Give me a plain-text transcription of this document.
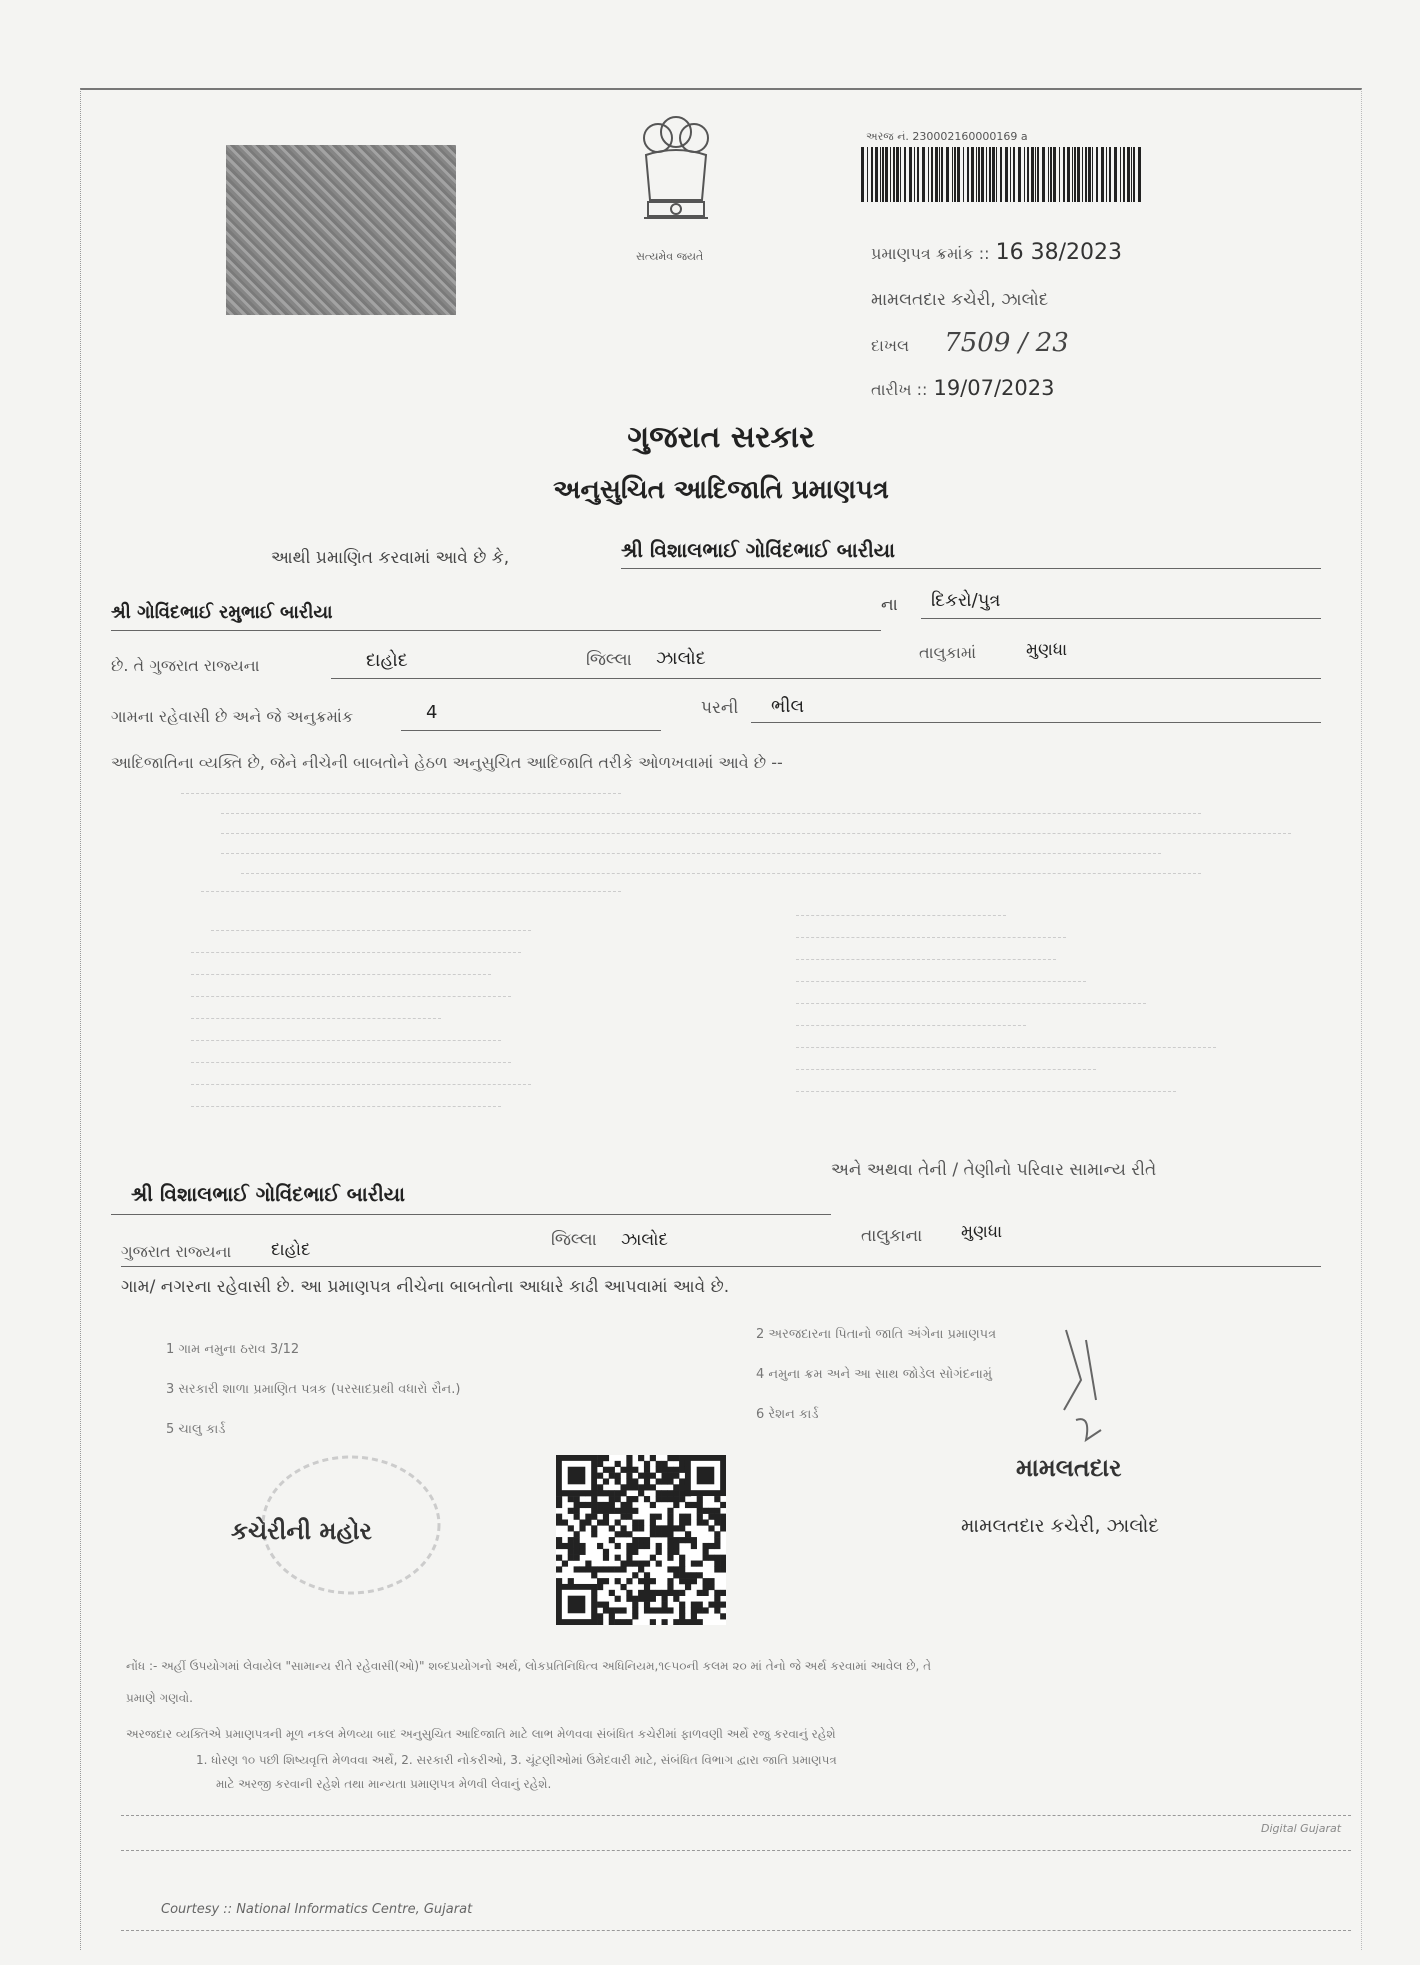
સત્યમેવ જયતે
અરજ નં. 230002160000169 a
પ્રમાણપત્ર ક્રમાંક :: 16 38/2023
મામલતદાર કચેરી, ઝાલોદ
દાખલ 7509 / 23
તારીખ :: 19/07/2023
ગુજરાત સરકાર
અનુસુચિત આદિજાતિ પ્રમાણપત્ર
આથી પ્રમાણિત કરવામાં આવે છે કે,	શ્રી વિશાલભાઈ ગોવિંદભાઈ બારીયા
શ્રી ગોવિંદભાઈ રમુભાઈ બારીયા	ના દિકરો/પુત્ર
છે. તે ગુજરાત રાજ્યના	દાહોદ	જિલ્લા ઝાલોદ	તાલુકામાં	મુણધા
ગામના રહેવાસી છે અને જે અનુક્રમાંક	4	પરની ભીલ
આદિજાતિના વ્યક્તિ છે, જેને નીચેની બાબતોને હેઠળ અનુસુચિત આદિજાતિ તરીકે ઓળખવામાં આવે છે --
અને અથવા તેની / તેણીનો પરિવાર સામાન્ય રીતે
શ્રી વિશાલભાઈ ગોવિંદભાઈ બારીયા
ગુજરાત રાજ્યના દાહોદ	જિલ્લા ઝાલોદ	તાલુકાના મુણધા
ગામ/ નગરના રહેવાસી છે. આ પ્રમાણપત્ર નીચેના બાબતોના આધારે કાઢી આપવામાં આવે છે.
1 ગામ નમુના ઠરાવ 3/12
3 સરકારી શાળા પ્રમાણિત પત્રક (પરસાદપ્રથી વધારો રૌન.)
5 ચાલુ કાર્ડ
2 અરજદારના પિતાનો જાતિ અંગેના પ્રમાણપત્ર
4 નમુના ક્રમ અને આ સાથ જોડેલ સોગંદનામું
6 રેશન કાર્ડ
કચેરીની મહોર
મામલતદાર
મામલતદાર કચેરી, ઝાલોદ
નોંધ :- અહીં ઉપયોગમાં લેવાયેલ "સામાન્ય રીતે રહેવાસી(ઓ)" શબ્દપ્રયોગનો અર્થ, લોકપ્રતિનિધિત્વ અધિનિયમ,૧૯૫૦ની કલમ ૨૦ માં તેનો જે અર્થ કરવામાં આવેલ છે, તે
પ્રમાણે ગણવો.
અરજદાર વ્યક્તિએ પ્રમાણપત્રની મૂળ નકલ મેળવ્યા બાદ અનુસુચિત આદિજાતિ માટે લાભ મેળવવા સંબંધિત કચેરીમાં ફાળવણી અર્થે રજુ કરવાનું રહેશે
1. ધોરણ ૧૦ પછી શિષ્યવૃત્તિ મેળવવા અર્થે, 2. સરકારી નોકરીઓ, 3. ચૂંટણીઓમાં ઉમેદવારી માટે, સંબંધિત વિભાગ દ્વારા જાતિ પ્રમાણપત્ર
માટે અરજી કરવાની રહેશે તથા માન્યતા પ્રમાણપત્ર મેળવી લેવાનું રહેશે.
Digital Gujarat
Courtesy :: National Informatics Centre, Gujarat
